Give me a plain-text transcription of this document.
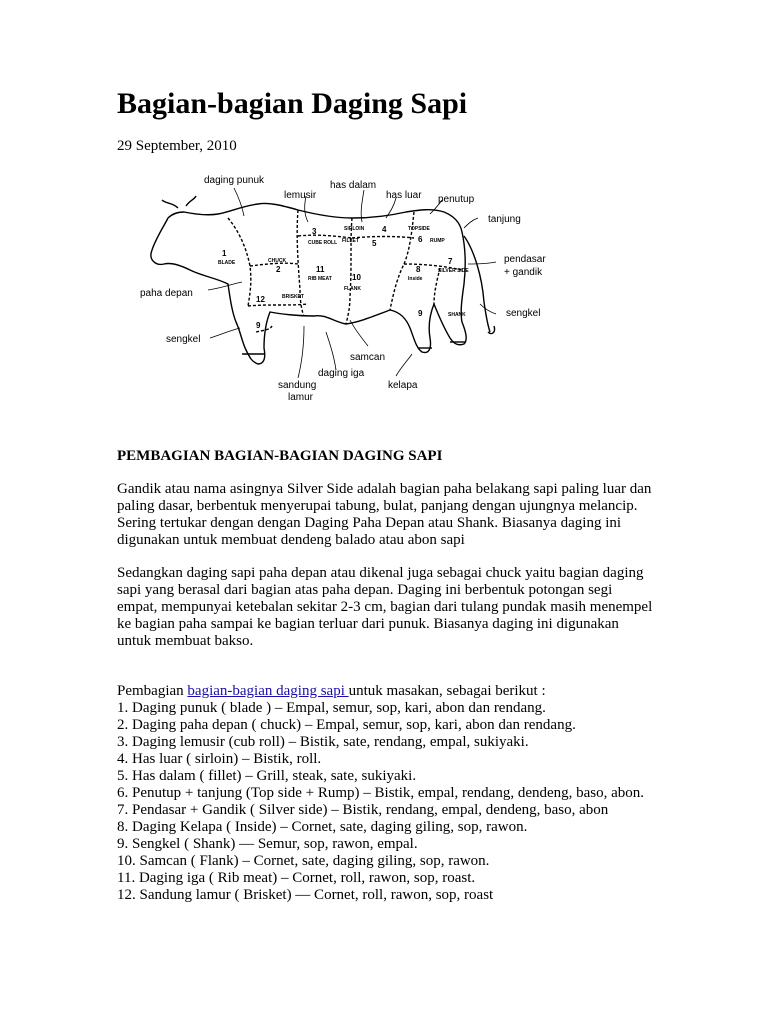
Bagian-bagian Daging Sapi
29 September, 2010
daging punuk
lemusir
has dalam
has luar penutup
tanjung
pendasar
+ gandik
paha depan
sengkel
sengkel
samcan
daging iga
sandung
lamur
kelapa
1
2
3	4
5	6
7
8
9
9
10
11
12
BLADE	CHUCK
CUBE ROLL
SIRLOIN
FILLET
TOPSIDE
RUMP
SILVER SIDE
Inside
RIB MEAT
FLANK
BRISKET
SHANK
PEMBAGIAN BAGIAN-BAGIAN DAGING SAPI

Gandik atau nama asingnya Silver Side adalah bagian paha belakang sapi paling luar dan paling dasar, berbentuk menyerupai tabung, bulat, panjang dengan ujungnya melancip. Sering tertukar dengan dengan Daging Paha Depan atau Shank. Biasanya daging ini digunakan untuk membuat dendeng balado atau abon sapi

Sedangkan daging sapi paha depan atau dikenal juga sebagai chuck yaitu bagian daging sapi yang berasal dari bagian atas paha depan. Daging ini berbentuk potongan segi empat, mempunyai ketebalan sekitar 2-3 cm, bagian dari tulang pundak masih menempel ke bagian paha sampai ke bagian terluar dari punuk. Biasanya daging ini digunakan untuk membuat bakso.

Pembagian bagian-bagian daging sapi untuk masakan, sebagai berikut :

1. Daging punuk ( blade ) – Empal, semur, sop, kari, abon dan rendang.
2. Daging paha depan ( chuck) – Empal, semur, sop, kari, abon dan rendang.
3. Daging lemusir (cub roll) – Bistik, sate, rendang, empal, sukiyaki.
4. Has luar ( sirloin) – Bistik, roll.
5. Has dalam ( fillet) – Grill, steak, sate, sukiyaki.
6. Penutup + tanjung (Top side + Rump) – Bistik, empal, rendang, dendeng, baso, abon.
7. Pendasar + Gandik ( Silver side) – Bistik, rendang, empal, dendeng, baso, abon
8. Daging Kelapa ( Inside) – Cornet, sate, daging giling, sop, rawon.
9. Sengkel ( Shank) –– Semur, sop, rawon, empal.
10. Samcan ( Flank) – Cornet, sate, daging giling, sop, rawon.
11. Daging iga ( Rib meat) – Cornet, roll, rawon, sop, roast.
12. Sandung lamur ( Brisket) –– Cornet, roll, rawon, sop, roast
